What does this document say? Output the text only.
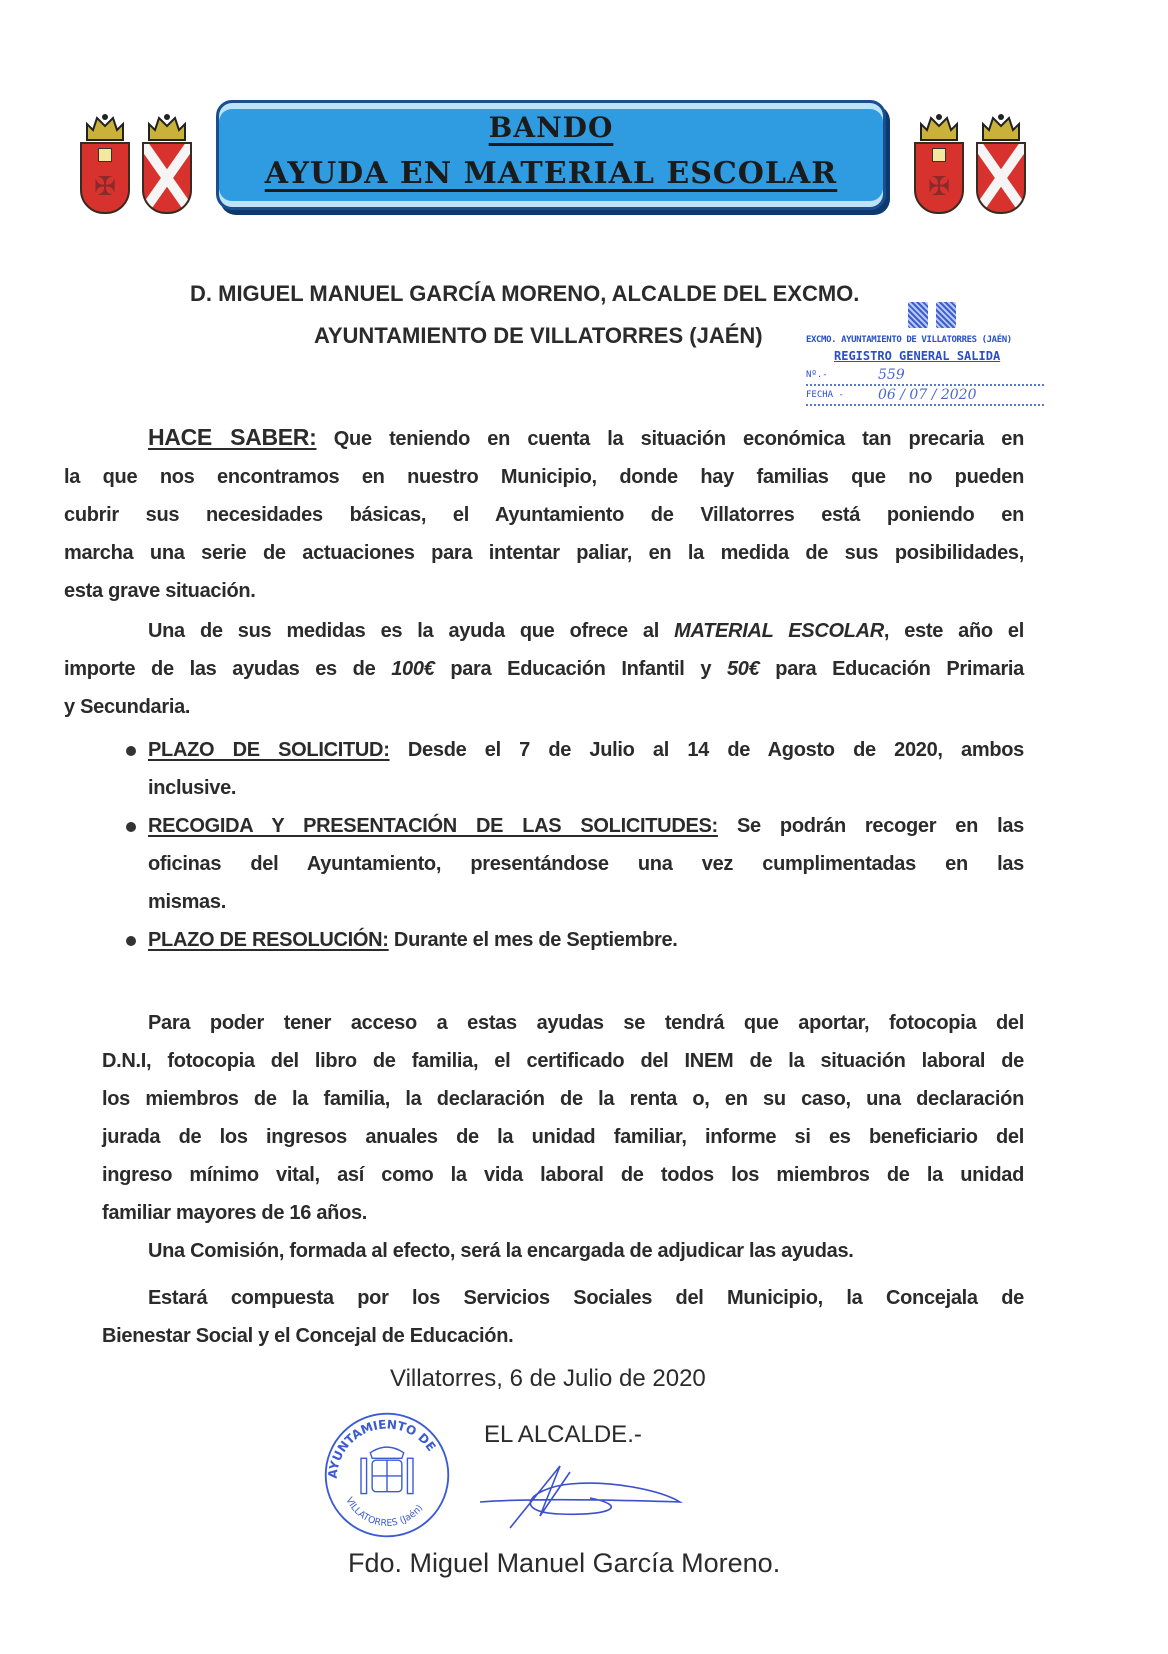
✠
BANDO
AYUDA EN MATERIAL ESCOLAR	✠
D. MIGUEL MANUEL GARCÍA MORENO, ALCALDE DEL EXCMO.
AYUNTAMIENTO DE VILLATORRES (JAÉN)	EXCMO. AYUNTAMIENTO DE VILLATORRES (JAÉN)
REGISTRO GENERAL SALIDA
Nº.-	559
FECHA -	06 / 07 / 2020
HACE SABER: Que teniendo en cuenta la situación económica tan precaria en
la que nos encontramos en nuestro Municipio, donde hay familias que no pueden
cubrir sus necesidades básicas, el Ayuntamiento de Villatorres está poniendo en
marcha una serie de actuaciones para intentar paliar, en la medida de sus posibilidades,
esta grave situación.
Una de sus medidas es la ayuda que ofrece al MATERIAL ESCOLAR, este año el
importe de las ayudas es de 100€ para Educación Infantil y 50€ para Educación Primaria
y Secundaria.
PLAZO DE SOLICITUD: Desde el 7 de Julio al 14 de Agosto de 2020, ambos
inclusive.
RECOGIDA Y PRESENTACIÓN DE LAS SOLICITUDES: Se podrán recoger en las
oficinas del Ayuntamiento, presentándose una vez cumplimentadas en las
mismas.
PLAZO DE RESOLUCIÓN: Durante el mes de Septiembre.
Para poder tener acceso a estas ayudas se tendrá que aportar, fotocopia del
D.N.I, fotocopia del libro de familia, el certificado del INEM de la situación laboral de
los miembros de la familia, la declaración de la renta o, en su caso, una declaración
jurada de los ingresos anuales de la unidad familiar, informe si es beneficiario del
ingreso mínimo vital, así como la vida laboral de todos los miembros de la unidad
familiar mayores de 16 años.
Una Comisión, formada al efecto, será la encargada de adjudicar las ayudas.
Estará compuesta por los Servicios Sociales del Municipio, la Concejala de
Bienestar Social y el Concejal de Educación.
Villatorres, 6 de Julio de 2020
EL ALCALDE.-
AYUNTAMIENTO DE
VILLATORRES (Jaén)
Fdo. Miguel Manuel García Moreno.
